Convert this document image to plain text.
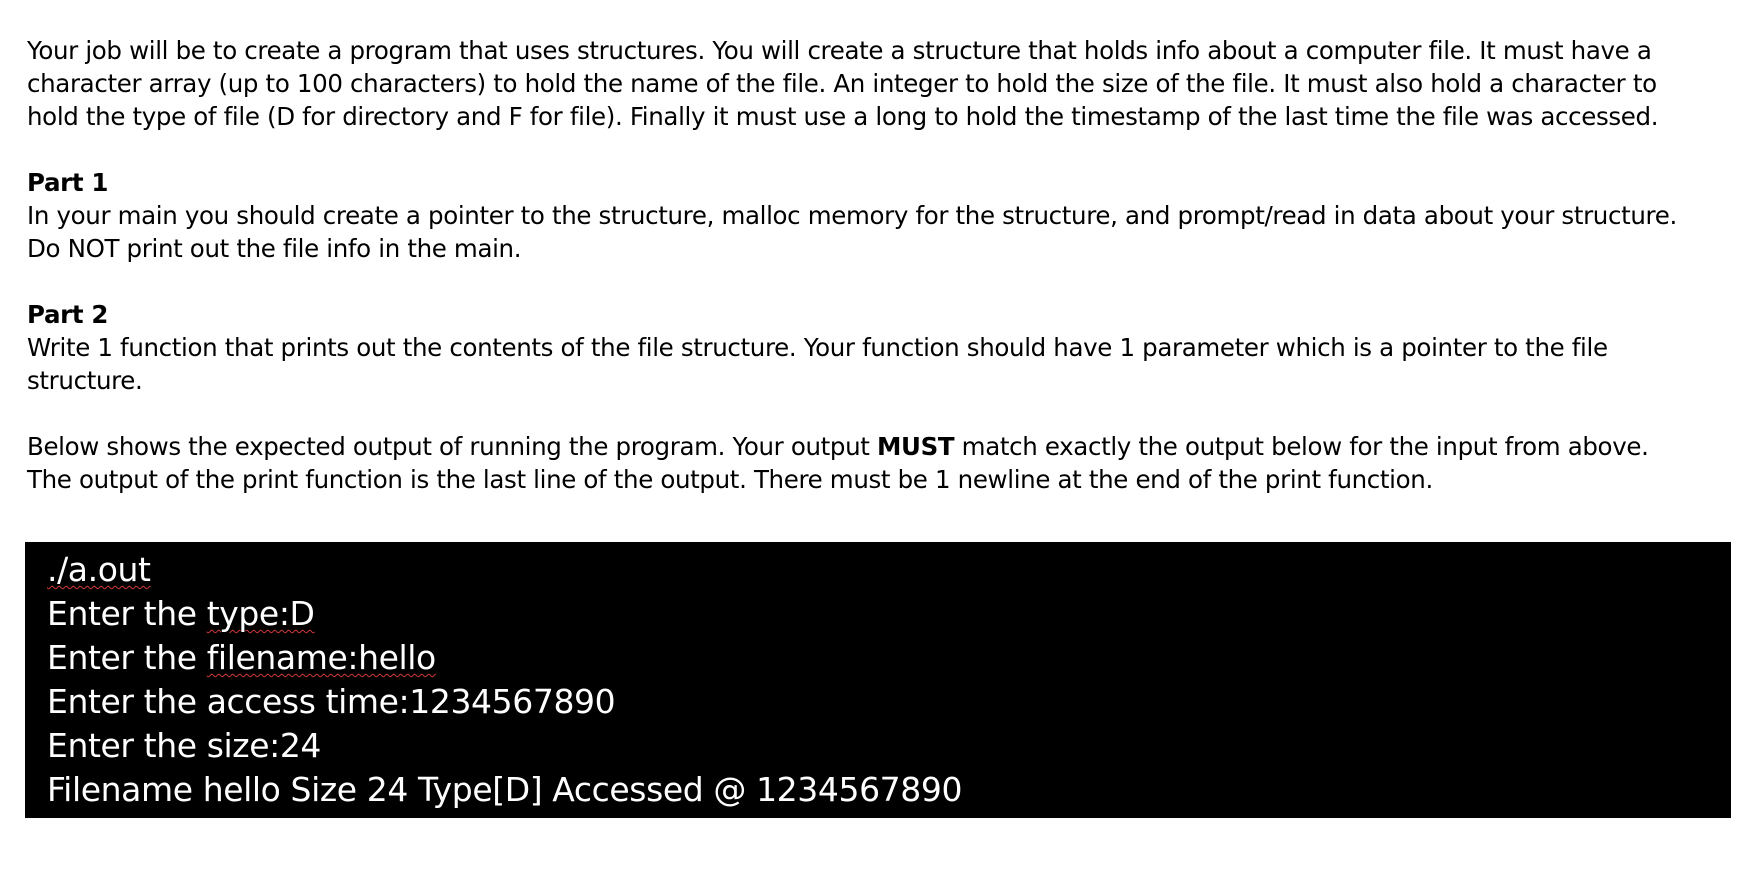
Your job will be to create a program that uses structures. You will create a structure that holds info about a computer file. It must have a
character array (up to 100 characters) to hold the name of the file. An integer to hold the size of the file. It must also hold a character to
hold the type of file (D for directory and F for file). Finally it must use a long to hold the timestamp of the last time the file was accessed.

Part 1
In your main you should create a pointer to the structure, malloc memory for the structure, and prompt/read in data about your structure.
Do NOT print out the file info in the main.

Part 2
Write 1 function that prints out the contents of the file structure. Your function should have 1 parameter which is a pointer to the file
structure.

Below shows the expected output of running the program. Your output MUST match exactly the output below for the input from above.
The output of the print function is the last line of the output. There must be 1 newline at the end of the print function.

./a.out
Enter the type:D
Enter the filename:hello
Enter the access time:1234567890
Enter the size:24
Filename hello Size 24 Type[D] Accessed @ 1234567890
